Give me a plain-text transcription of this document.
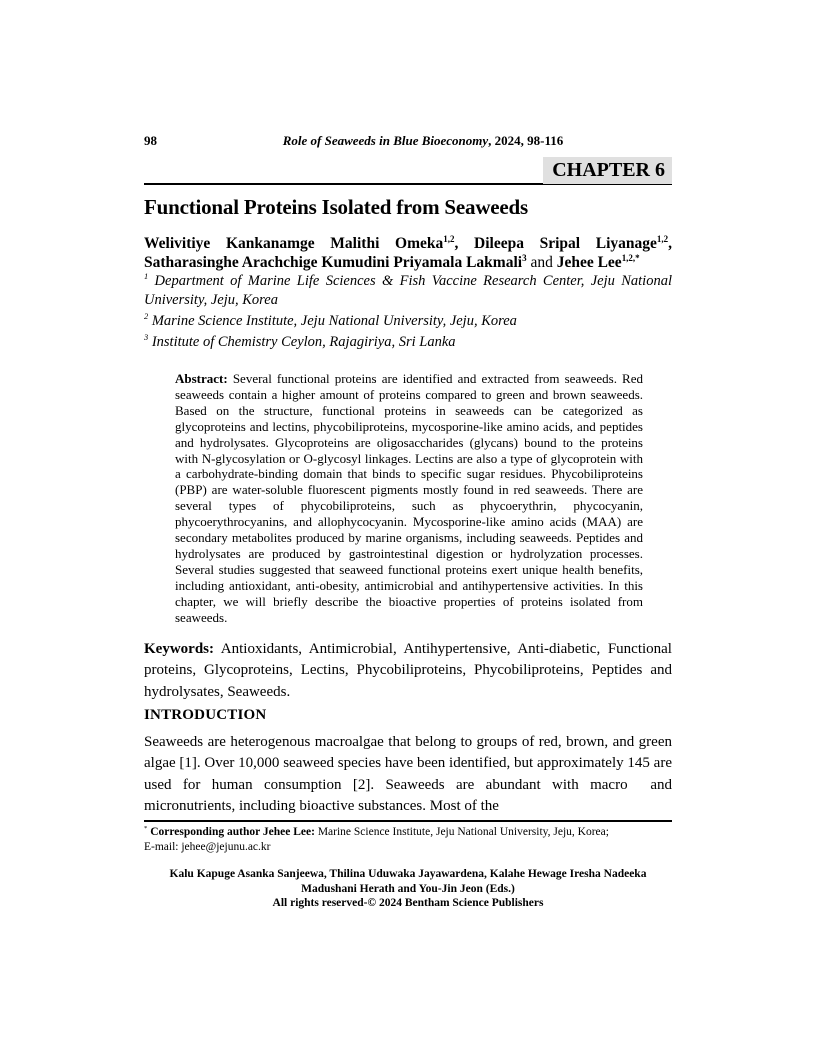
98	Role of Seaweeds in Blue Bioeconomy, 2024, 98-116
CHAPTER 6
Functional Proteins Isolated from Seaweeds

Welivitiye Kankanamge Malithi Omeka$^{1,2}$, Dileepa Sripal Liyanage$^{1,2}$, Satharasinghe Arachchige Kumudini Priyamala Lakmali$^3$ and Jehee Lee$^{1,2,*}$

$^1$ Department of Marine Life Sciences & Fish Vaccine Research Center, Jeju National University, Jeju, Korea

$^2$ Marine Science Institute, Jeju National University, Jeju, Korea

$^3$ Institute of Chemistry Ceylon, Rajagiriya, Sri Lanka

Abstract: Several functional proteins are identified and extracted from seaweeds. Red seaweeds contain a higher amount of proteins compared to green and brown seaweeds. Based on the structure, functional proteins in seaweeds can be categorized as glycoproteins and lectins, phycobiliproteins, mycosporine-like amino acids, and peptides and hydrolysates. Glycoproteins are oligosaccharides (glycans) bound to the proteins with N-glycosylation or O-glycosyl linkages. Lectins are also a type of glycoprotein with a carbohydrate-binding domain that binds to specific sugar residues. Phycobiliproteins (PBP) are water-soluble fluorescent pigments mostly found in red seaweeds. There are several types of phycobiliproteins, such as phycoerythrin, phycocyanin, phycoerythrocyanins, and allophycocyanin. Mycosporine-like amino acids (MAA) are secondary metabolites produced by marine organisms, including seaweeds. Peptides and hydrolysates are produced by gastrointestinal digestion or hydrolyzation processes. Several studies suggested that seaweed functional proteins exert unique health benefits, including antioxidant, anti-obesity, antimicrobial and antihypertensive activities. In this chapter, we will briefly describe the bioactive properties of proteins isolated from seaweeds.

Keywords: Antioxidants, Antimicrobial, Antihypertensive, Anti-diabetic, Functional proteins, Glycoproteins, Lectins, Phycobiliproteins, Phycobiliproteins, Peptides and hydrolysates, Seaweeds.

INTRODUCTION

Seaweeds are heterogenous macroalgae that belong to groups of red, brown, and green algae [1]. Over 10,000 seaweed species have been identified, but approximately 145 are used for human consumption [2]. Seaweeds are abundant with macro  and micronutrients, including bioactive substances. Most of the

* Corresponding author Jehee Lee: Marine Science Institute, Jeju National University, Jeju, Korea;

E-mail: jehee@jejunu.ac.kr

Kalu Kapuge Asanka Sanjeewa, Thilina Uduwaka Jayawardena, Kalahe Hewage Iresha Nadeeka Madushani Herath and You-Jin Jeon (Eds.)

All rights reserved-© 2024 Bentham Science Publishers
